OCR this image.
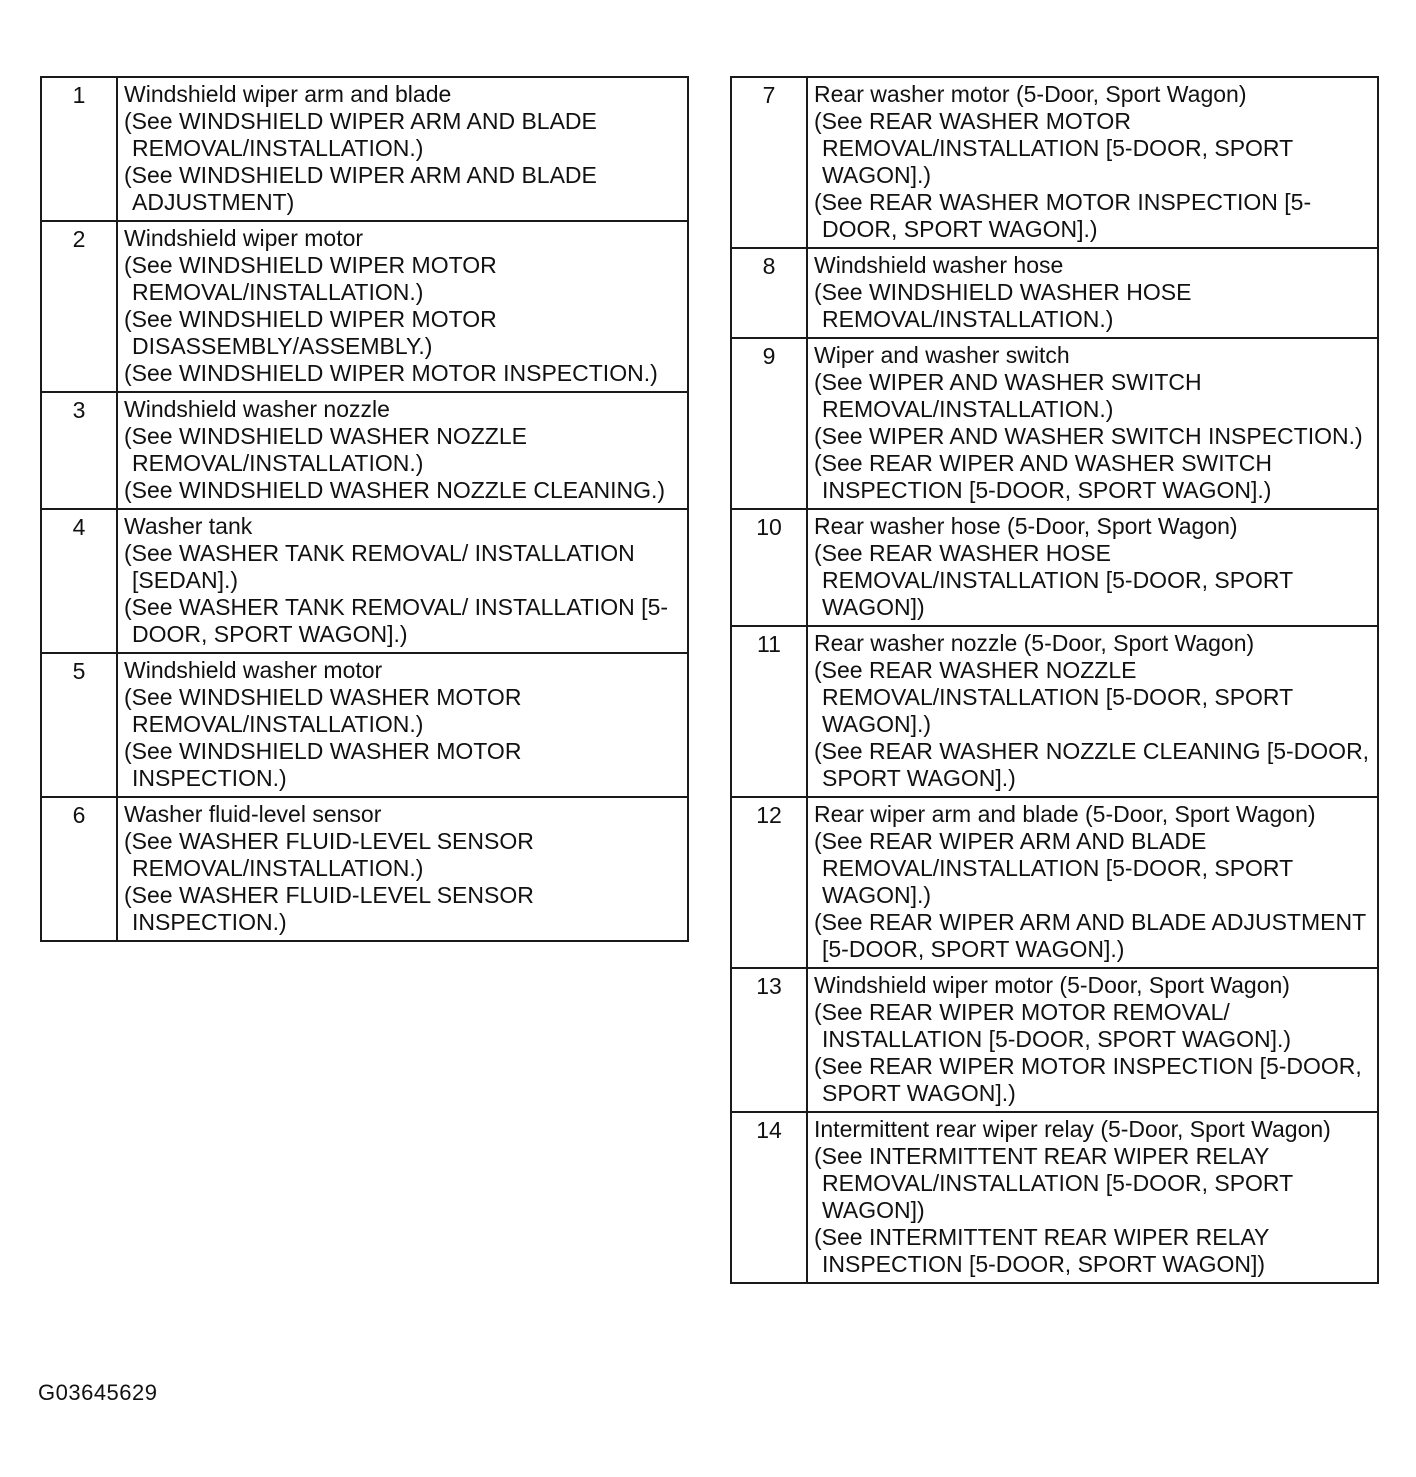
1	Windshield wiper arm and blade
(See WINDSHIELD WIPER ARM AND BLADE REMOVAL/INSTALLATION.)
(See WINDSHIELD WIPER ARM AND BLADE ADJUSTMENT)

2	Windshield wiper motor
(See WINDSHIELD WIPER MOTOR REMOVAL/INSTALLATION.)
(See WINDSHIELD WIPER MOTOR DISASSEMBLY/ASSEMBLY.)
(See WINDSHIELD WIPER MOTOR INSPECTION.)

3	Windshield washer nozzle
(See WINDSHIELD WASHER NOZZLE REMOVAL/INSTALLATION.)
(See WINDSHIELD WASHER NOZZLE CLEANING.)

4	Washer tank
(See WASHER TANK REMOVAL/ INSTALLATION [SEDAN].)
(See WASHER TANK REMOVAL/ INSTALLATION [5-DOOR, SPORT WAGON].)

5	Windshield washer motor
(See WINDSHIELD WASHER MOTOR REMOVAL/INSTALLATION.)
(See WINDSHIELD WASHER MOTOR INSPECTION.)

6	Washer fluid-level sensor
(See WASHER FLUID-LEVEL SENSOR REMOVAL/INSTALLATION.)
(See WASHER FLUID-LEVEL SENSOR INSPECTION.)
7	Rear washer motor (5-Door, Sport Wagon)
(See REAR WASHER MOTOR REMOVAL/INSTALLATION [5-DOOR, SPORT WAGON].)
(See REAR WASHER MOTOR INSPECTION [5-DOOR, SPORT WAGON].)

8	Windshield washer hose
(See WINDSHIELD WASHER HOSE REMOVAL/INSTALLATION.)

9	Wiper and washer switch
(See WIPER AND WASHER SWITCH REMOVAL/INSTALLATION.)
(See WIPER AND WASHER SWITCH INSPECTION.)
(See REAR WIPER AND WASHER SWITCH INSPECTION [5-DOOR, SPORT WAGON].)

10	Rear washer hose (5-Door, Sport Wagon)
(See REAR WASHER HOSE REMOVAL/INSTALLATION [5-DOOR, SPORT WAGON])

11	Rear washer nozzle (5-Door, Sport Wagon)
(See REAR WASHER NOZZLE REMOVAL/INSTALLATION [5-DOOR, SPORT WAGON].)
(See REAR WASHER NOZZLE CLEANING [5-DOOR, SPORT WAGON].)

12	Rear wiper arm and blade (5-Door, Sport Wagon)
(See REAR WIPER ARM AND BLADE REMOVAL/INSTALLATION [5-DOOR, SPORT WAGON].)
(See REAR WIPER ARM AND BLADE ADJUSTMENT [5-DOOR, SPORT WAGON].)

13	Windshield wiper motor (5-Door, Sport Wagon)
(See REAR WIPER MOTOR REMOVAL/ INSTALLATION [5-DOOR, SPORT WAGON].)
(See REAR WIPER MOTOR INSPECTION [5-DOOR, SPORT WAGON].)

14	Intermittent rear wiper relay (5-Door, Sport Wagon)
(See INTERMITTENT REAR WIPER RELAY REMOVAL/INSTALLATION [5-DOOR, SPORT WAGON])
(See INTERMITTENT REAR WIPER RELAY INSPECTION [5-DOOR, SPORT WAGON])
G03645629
